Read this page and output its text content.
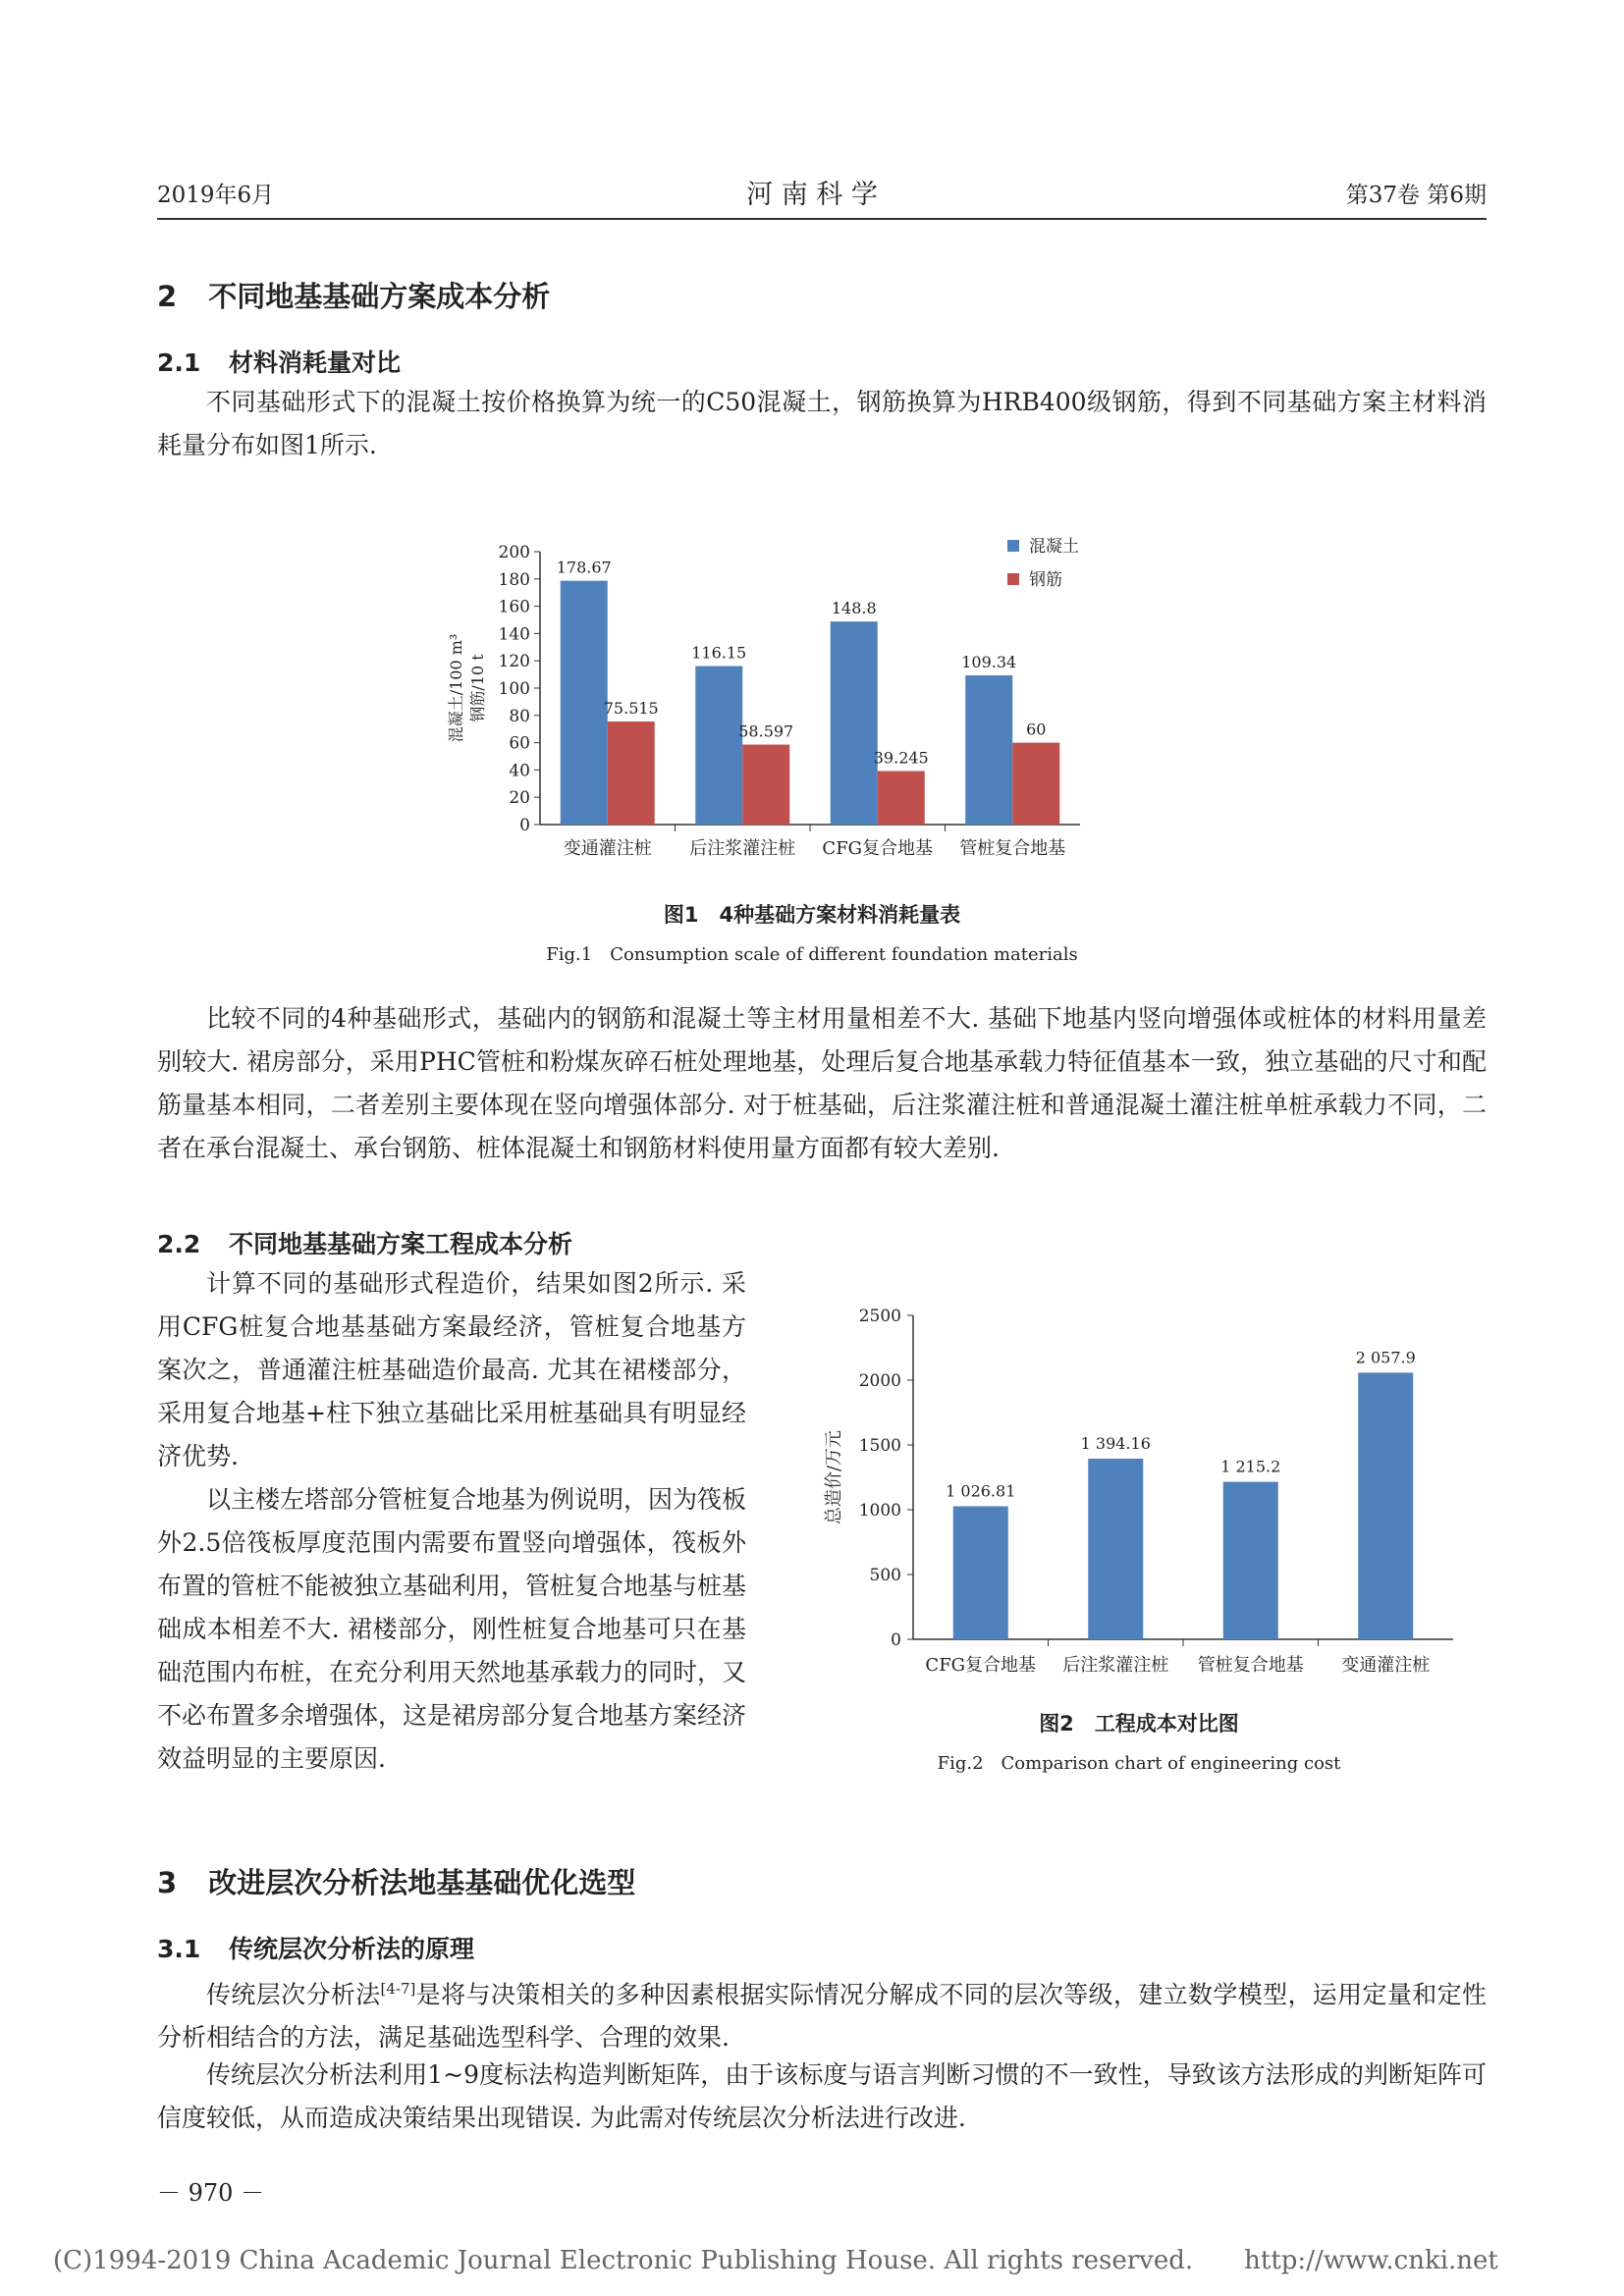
2019年6月	河 南 科 学	第37卷 第6期
2 不同地基基础方案成本分析
2.1 材料消耗量对比

不同基础形式下的混凝土按价格换算为统一的C50混凝土，钢筋换算为HRB400级钢筋，得到不同基础方案主材料消耗量分布如图1所示.

0
20
40
60
80
100
120
140
160
180
200
变通灌注桩 后注浆灌注桩 CFG复合地基 管桩复合地基
混凝土
钢筋
混凝土/100 m³ 钢筋/10 t
178.67
75.515
116.15
58.597
148.8
39.245
109.34
60
图1　4种基础方案材料消耗量表
Fig.1　Consumption scale of different foundation materials

比较不同的4种基础形式，基础内的钢筋和混凝土等主材用量相差不大. 基础下地基内竖向增强体或桩体的材料用量差别较大. 裙房部分，采用PHC管桩和粉煤灰碎石桩处理地基，处理后复合地基承载力特征值基本一致，独立基础的尺寸和配筋量基本相同，二者差别主要体现在竖向增强体部分. 对于桩基础，后注浆灌注桩和普通混凝土灌注桩单桩承载力不同，二者在承台混凝土、承台钢筋、桩体混凝土和钢筋材料使用量方面都有较大差别.

2.2 不同地基基础方案工程成本分析

计算不同的基础形式程造价，结果如图2所示. 采用CFG桩复合地基基础方案最经济，管桩复合地基方案次之，普通灌注桩基础造价最高. 尤其在裙楼部分，采用复合地基+柱下独立基础比采用桩基础具有明显经济优势.

以主楼左塔部分管桩复合地基为例说明，因为筏板外2.5倍筏板厚度范围内需要布置竖向增强体，筏板外布置的管桩不能被独立基础利用，管桩复合地基与桩基础成本相差不大. 裙楼部分，刚性桩复合地基可只在基础范围内布桩，在充分利用天然地基承载力的同时，又不必布置多余增强体，这是裙房部分复合地基方案经济效益明显的主要原因.

0
500
1000
1500
2000
2500
CFG复合地基 后注浆灌注桩 管桩复合地基 变通灌注桩
总造价/万元	1 026.81
1 394.16
1 215.2
2 057.9
图2　工程成本对比图
Fig.2　Comparison chart of engineering cost
3 改进层次分析法地基基础优化选型
3.1 传统层次分析法的原理

传统层次分析法[4-7]是将与决策相关的多种因素根据实际情况分解成不同的层次等级，建立数学模型，运用定量和定性分析相结合的方法，满足基础选型科学、合理的效果.

传统层次分析法利用1~9度标法构造判断矩阵，由于该标度与语言判断习惯的不一致性，导致该方法形成的判断矩阵可信度较低，从而造成决策结果出现错误. 为此需对传统层次分析法进行改进.

－ 970 －
(C)1994-2019 China Academic Journal Electronic Publishing House. All rights reserved.　　http://www.cnki.net
